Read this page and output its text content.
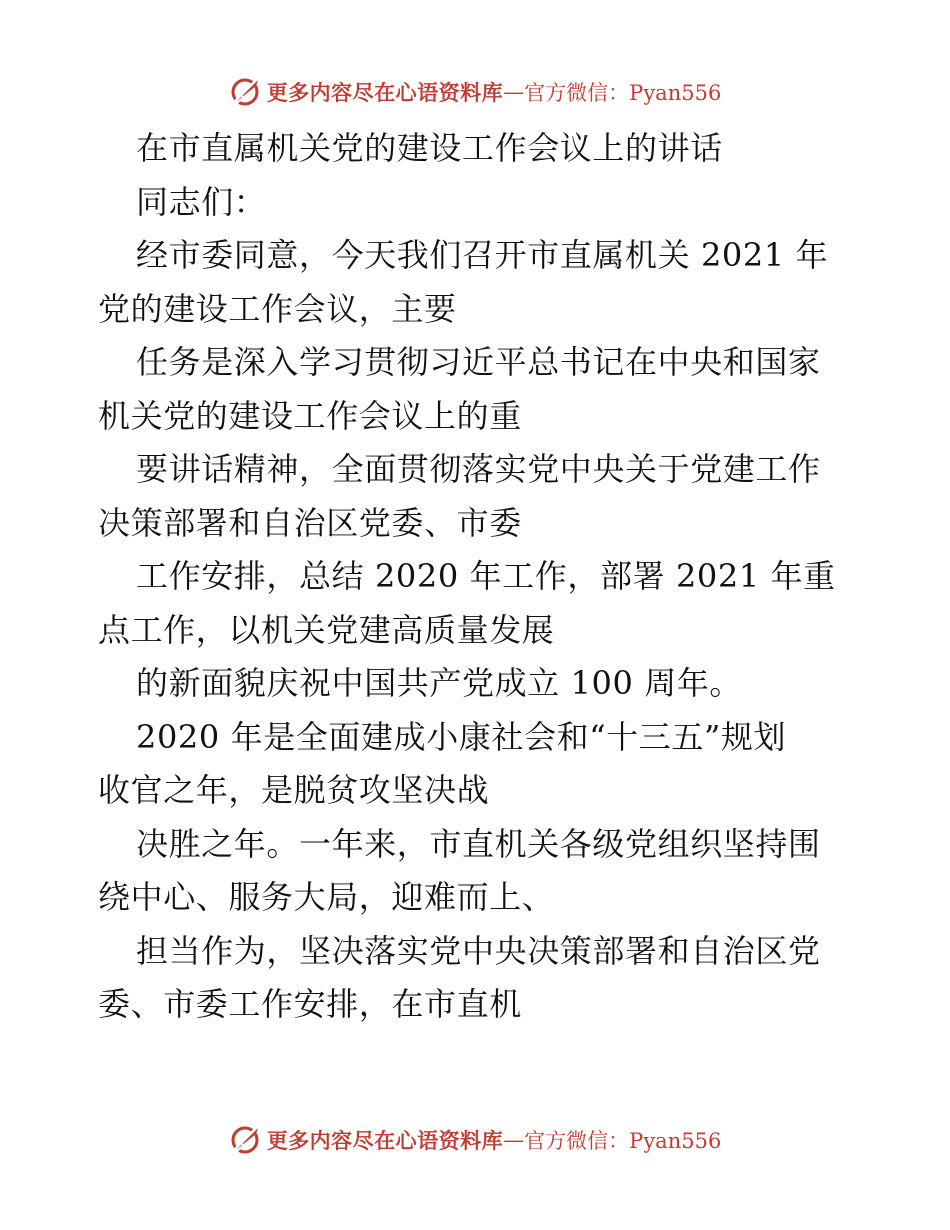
更多内容尽在心语资料库 — 官方微信：Pyan556
在市直属机关党的建设工作会议上的讲话
同志们：
经市委同意，今天我们召开市直属机关 2021 年
党的建设工作会议，主要
任务是深入学习贯彻习近平总书记在中央和国家
机关党的建设工作会议上的重
要讲话精神，全面贯彻落实党中央关于党建工作
决策部署和自治区党委、市委
工作安排，总结 2020 年工作，部署 2021 年重
点工作，以机关党建高质量发展
的新面貌庆祝中国共产党成立 100 周年。
2020 年是全面建成小康社会和“十三五”规划
收官之年，是脱贫攻坚决战
决胜之年。一年来，市直机关各级党组织坚持围
绕中心、服务大局，迎难而上、
担当作为，坚决落实党中央决策部署和自治区党
委、市委工作安排，在市直机
更多内容尽在心语资料库 — 官方微信：Pyan556
